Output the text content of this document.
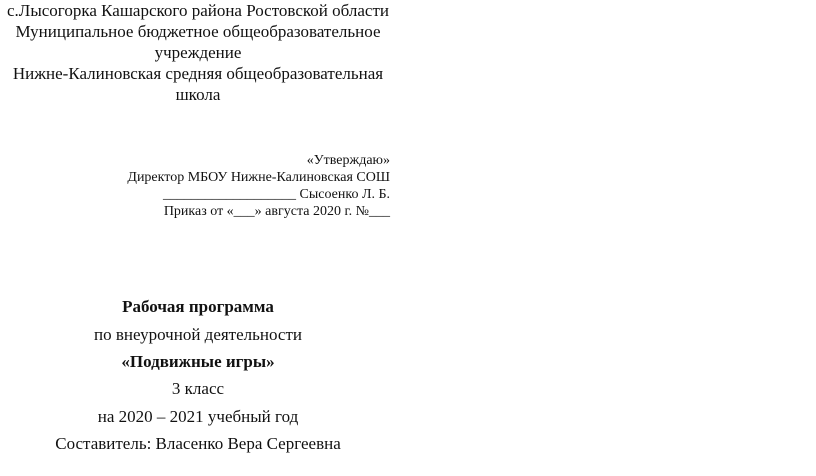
с.Лысогорка Кашарского района Ростовской области
Муниципальное бюджетное общеобразовательное
учреждение
Нижне-Калиновская средняя общеобразовательная
школа
«Утверждаю»
Директор МБОУ Нижне-Калиновская СОШ
___________________ Сысоенко Л. Б.
Приказ от «___» августа 2020 г. №___
Рабочая программа
по внеурочной деятельности
«Подвижные игры»
3 класс
на 2020 – 2021 учебный год
Составитель: Власенко Вера Сергеевна
